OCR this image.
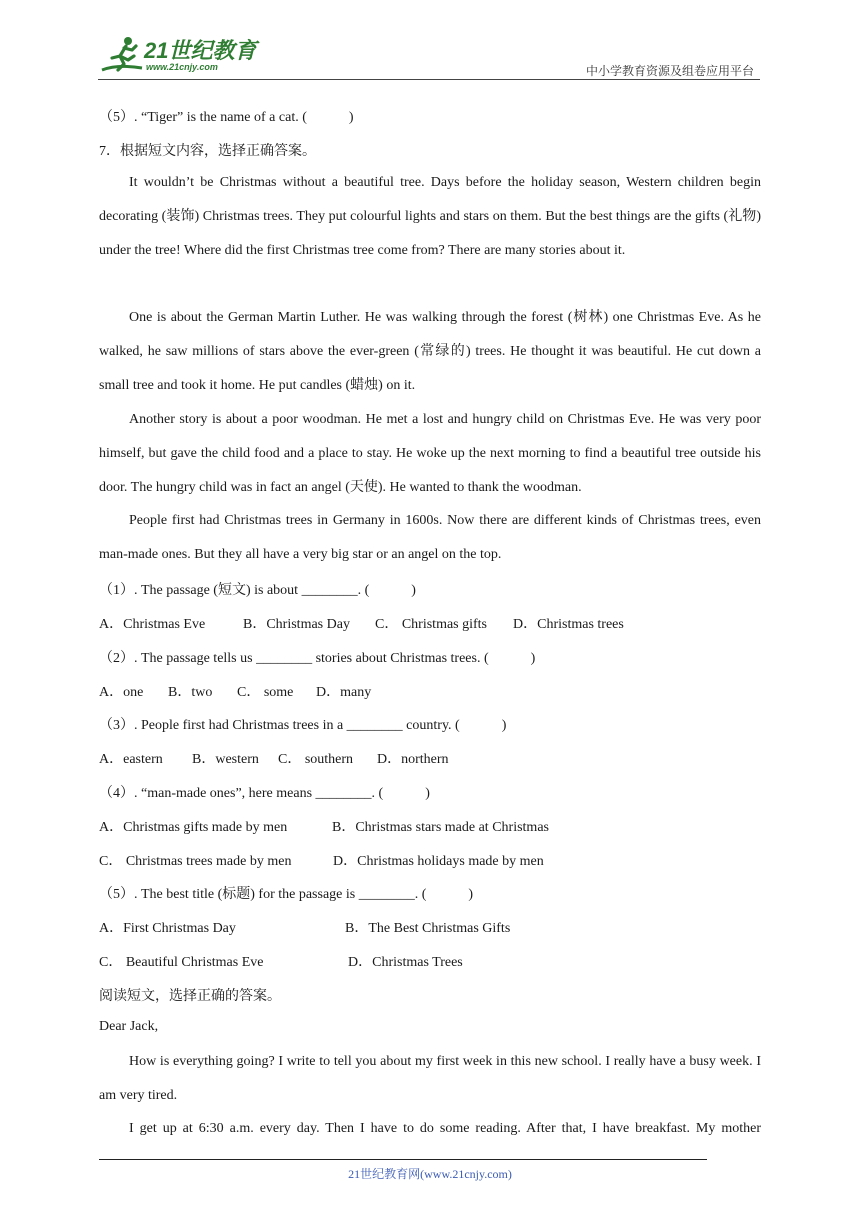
21世纪教育
www.21cnjy.com	中小学教育资源及组卷应用平台
（5）. “Tiger” is the name of a cat. (　　　)
7．根据短文内容，选择正确答案。
It wouldn’t be Christmas without a beautiful tree. Days before the holiday season, Western children begin decorating (装饰) Christmas trees. They put colourful lights and stars on them. But the best things are the gifts (礼物) under the tree! Where did the first Christmas tree come from? There are many stories about it.
One is about the German Martin Luther. He was walking through the forest (树林) one Christmas Eve. As he walked, he saw millions of stars above the ever-green (常绿的) trees. He thought it was beautiful. He cut down a small tree and took it home. He put candles (蜡烛) on it.
Another story is about a poor woodman. He met a lost and hungry child on Christmas Eve. He was very poor himself, but gave the child food and a place to stay. He woke up the next morning to find a beautiful tree outside his door. The hungry child was in fact an angel (天使). He wanted to thank the woodman.
People first had Christmas trees in Germany in 1600s. Now there are different kinds of Christmas trees, even man-made ones. But they all have a very big star or an angel on the top.
（1）. The passage (短文) is about ________. (　　　)
A．Christmas Eve	B．Christmas Day C． Christmas gifts D．Christmas trees
（2）. The passage tells us ________ stories about Christmas trees. (　　　)
A．one B．two C． some D．many
（3）. People first had Christmas trees in a ________ country. (　　　)
A．eastern B．western C． southern D．northern
（4）. “man-made ones”, here means ________. (　　　)
A．Christmas gifts made by men	B．Christmas stars made at Christmas
C． Christmas trees made by men	D．Christmas holidays made by men
（5）. The best title (标题) for the passage is ________. (　　　)
A．First Christmas Day	B．The Best Christmas Gifts
C． Beautiful Christmas Eve	D．Christmas Trees
阅读短文，选择正确的答案。
Dear Jack,
How is everything going? I write to tell you about my first week in this new school. I really have a busy week. I am very tired.
I get up at 6:30 a.m. every day. Then I have to do some reading. After that, I have breakfast. My mother
21世纪教育网(www.21cnjy.com)
